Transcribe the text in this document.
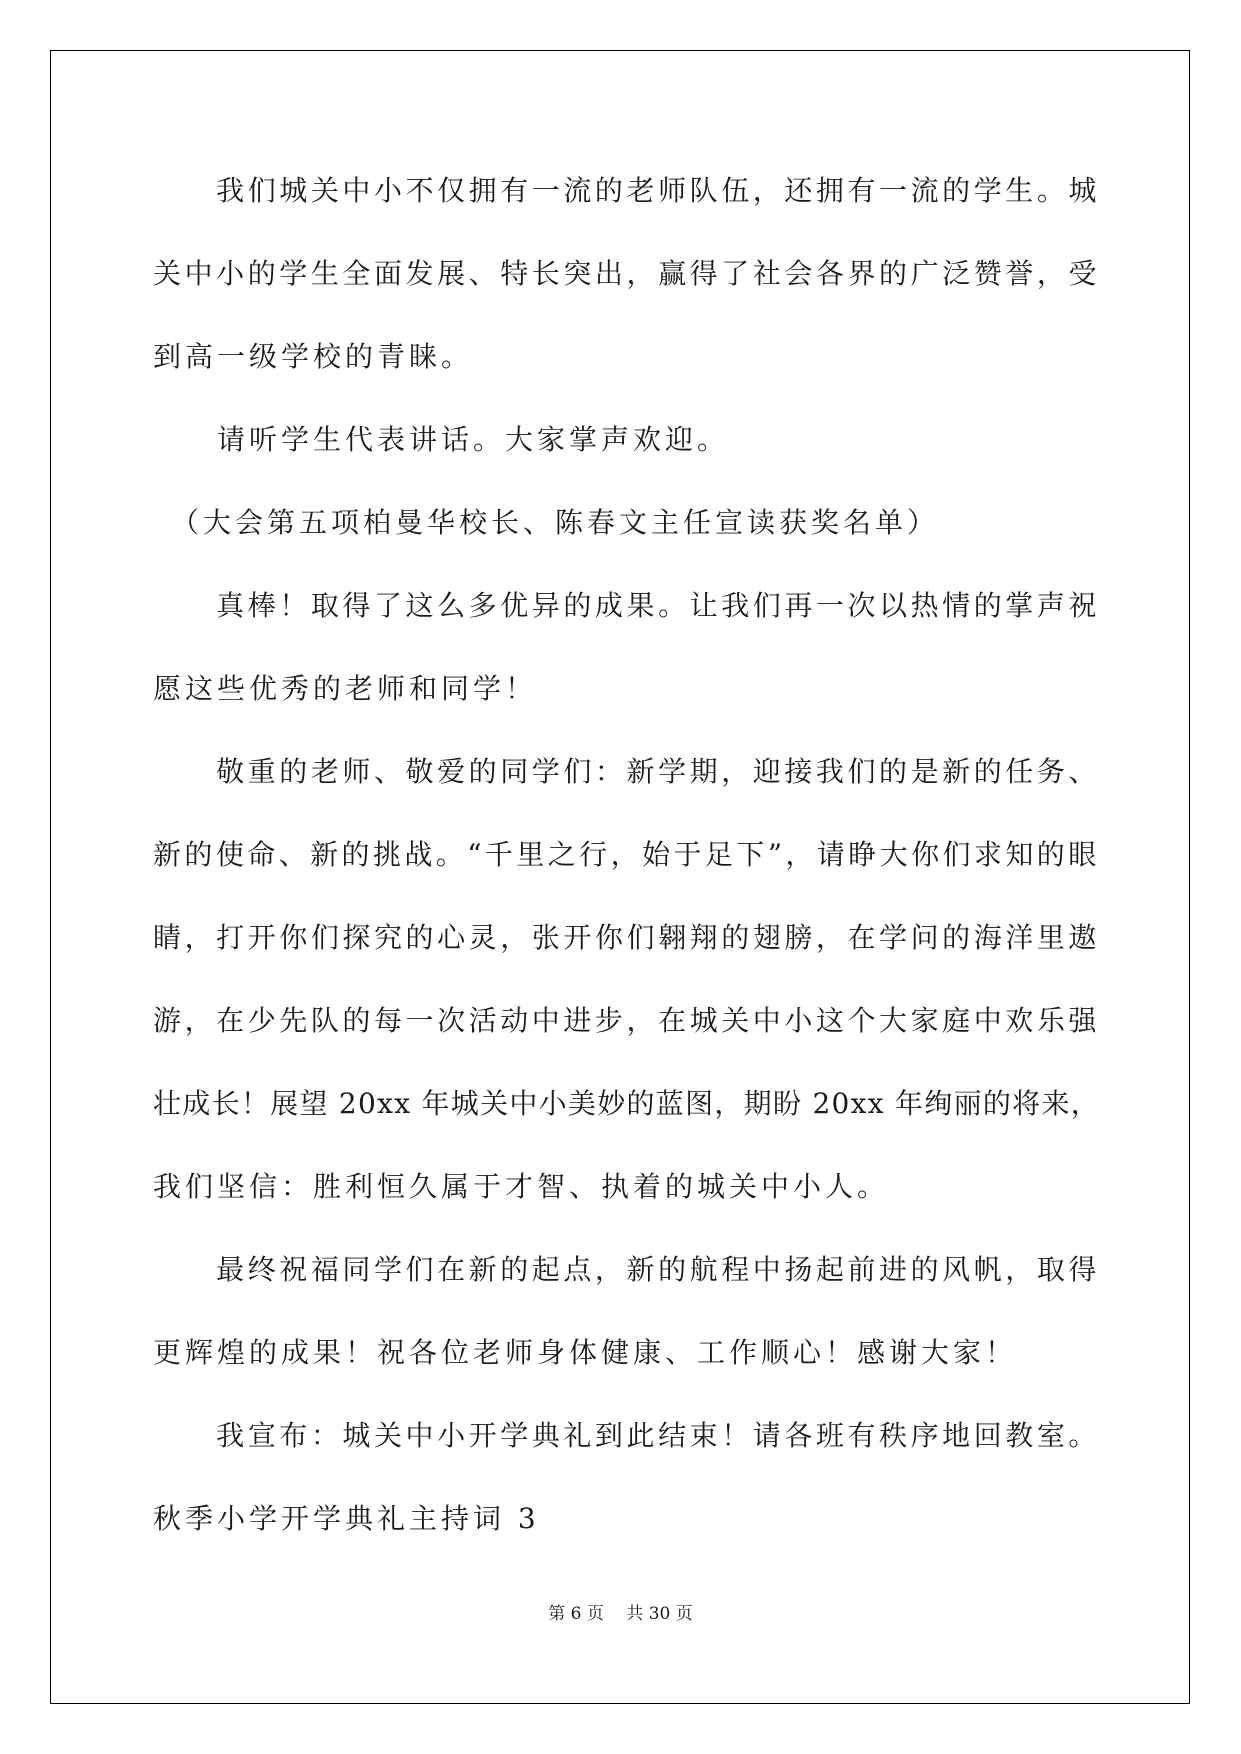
　　我们城关中小不仅拥有一流的老师队伍，还拥有一流的学生。城
关中小的学生全面发展、特长突出，赢得了社会各界的广泛赞誉，受
到高一级学校的青睐。
　　请听学生代表讲话。大家掌声欢迎。
　（大会第五项柏曼华校长、陈春文主任宣读获奖名单）
　　真棒！取得了这么多优异的成果。让我们再一次以热情的掌声祝
愿这些优秀的老师和同学！
　　敬重的老师、敬爱的同学们：新学期，迎接我们的是新的任务、
新的使命、新的挑战。“千里之行，始于足下”，请睁大你们求知的眼
睛，打开你们探究的心灵，张开你们翱翔的翅膀，在学问的海洋里遨
游，在少先队的每一次活动中进步，在城关中小这个大家庭中欢乐强
壮成长！展望 20xx 年城关中小美妙的蓝图，期盼 20xx 年绚丽的将来，
我们坚信：胜利恒久属于才智、执着的城关中小人。
　　最终祝福同学们在新的起点，新的航程中扬起前进的风帆，取得
更辉煌的成果！祝各位老师身体健康、工作顺心！感谢大家！
　　我宣布：城关中小开学典礼到此结束！请各班有秩序地回教室。
秋季小学开学典礼主持词 3
第 6 页　 共 30 页
